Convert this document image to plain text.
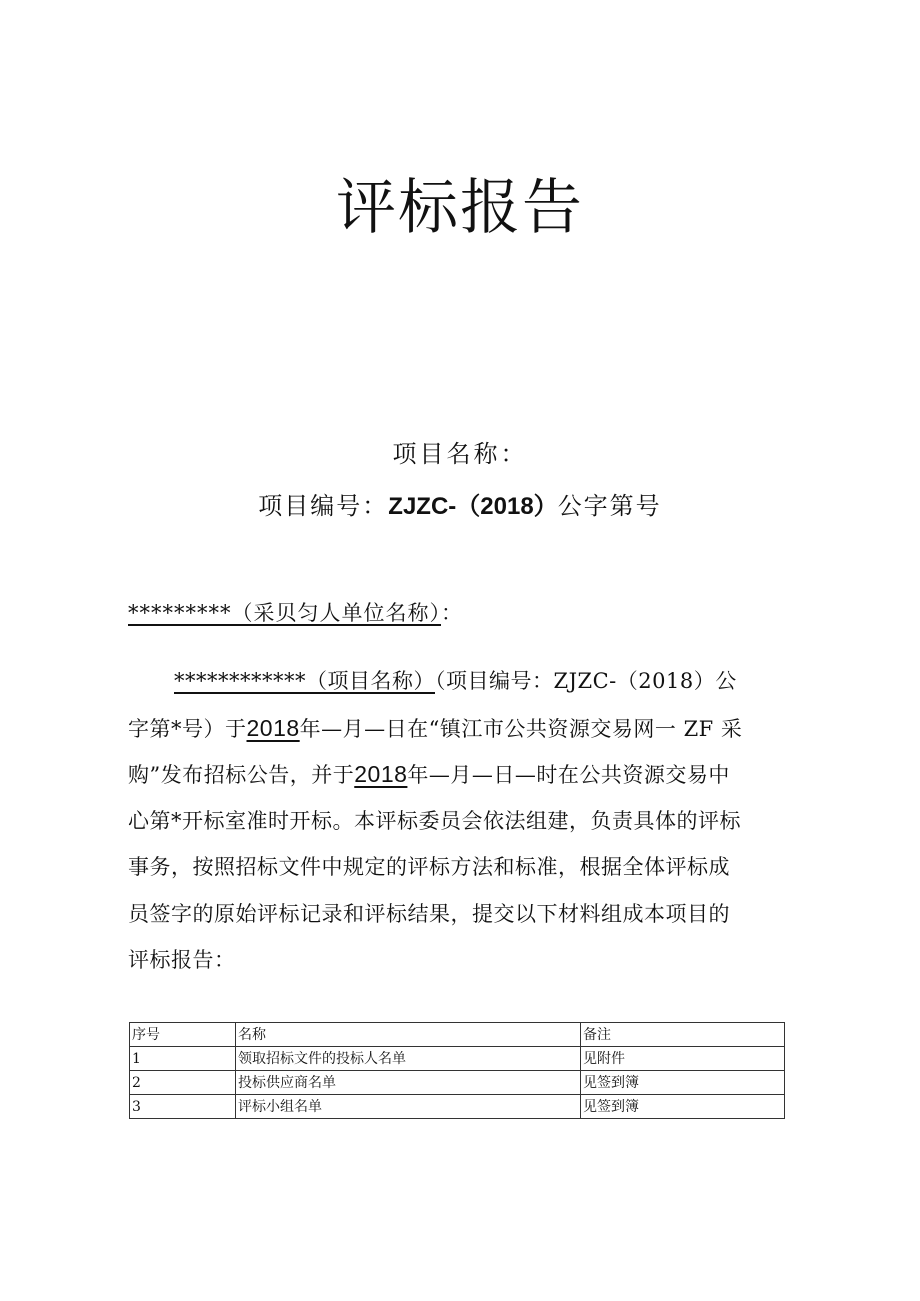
评标报告
项目名称：
项目编号：ZJZC-（2018）公字第号
*********（采贝匀人单位名称）：
************（项目名称）（项目编号：ZJZC-（2018）公
字第*号）于2018年—月—日在“镇江市公共资源交易网一 ZF 采
购”发布招标公告，并于2018年—月—日—时在公共资源交易中
心第*开标室准时开标。本评标委员会依法组建，负责具体的评标
事务，按照招标文件中规定的评标方法和标准，根据全体评标成
员签字的原始评标记录和评标结果，提交以下材料组成本项目的
评标报告：
序号	名称	备注
1	领取招标文件的投标人名单	见附件
2	投标供应商名单	见签到簿
3	评标小组名单	见签到簿
